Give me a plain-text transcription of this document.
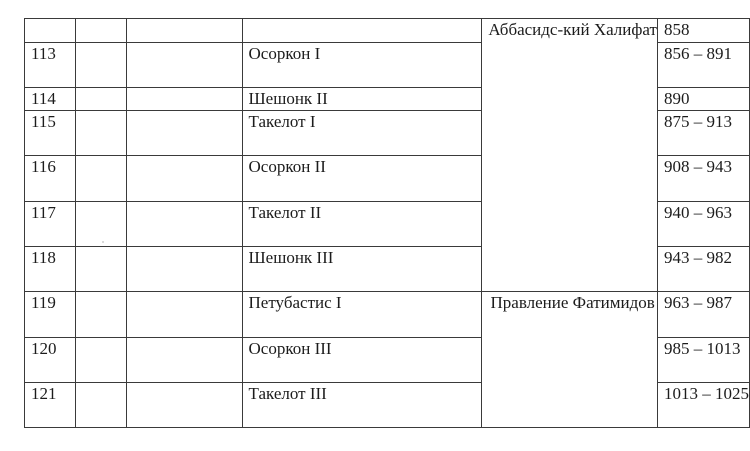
				Аббасидс-кий Халифат	858
113			Осоркон I		856 – 891
114			Шешонк II		890
115			Такелот I		875 – 913
116			Осоркон II		908 – 943
117			Такелот II		940 – 963
118			Шешонк III		943 – 982
119			Петубастис I	Правление Фатимидов	963 – 987
120			Осоркон III		985 – 1013
121			Такелот III		1013 – 1025
